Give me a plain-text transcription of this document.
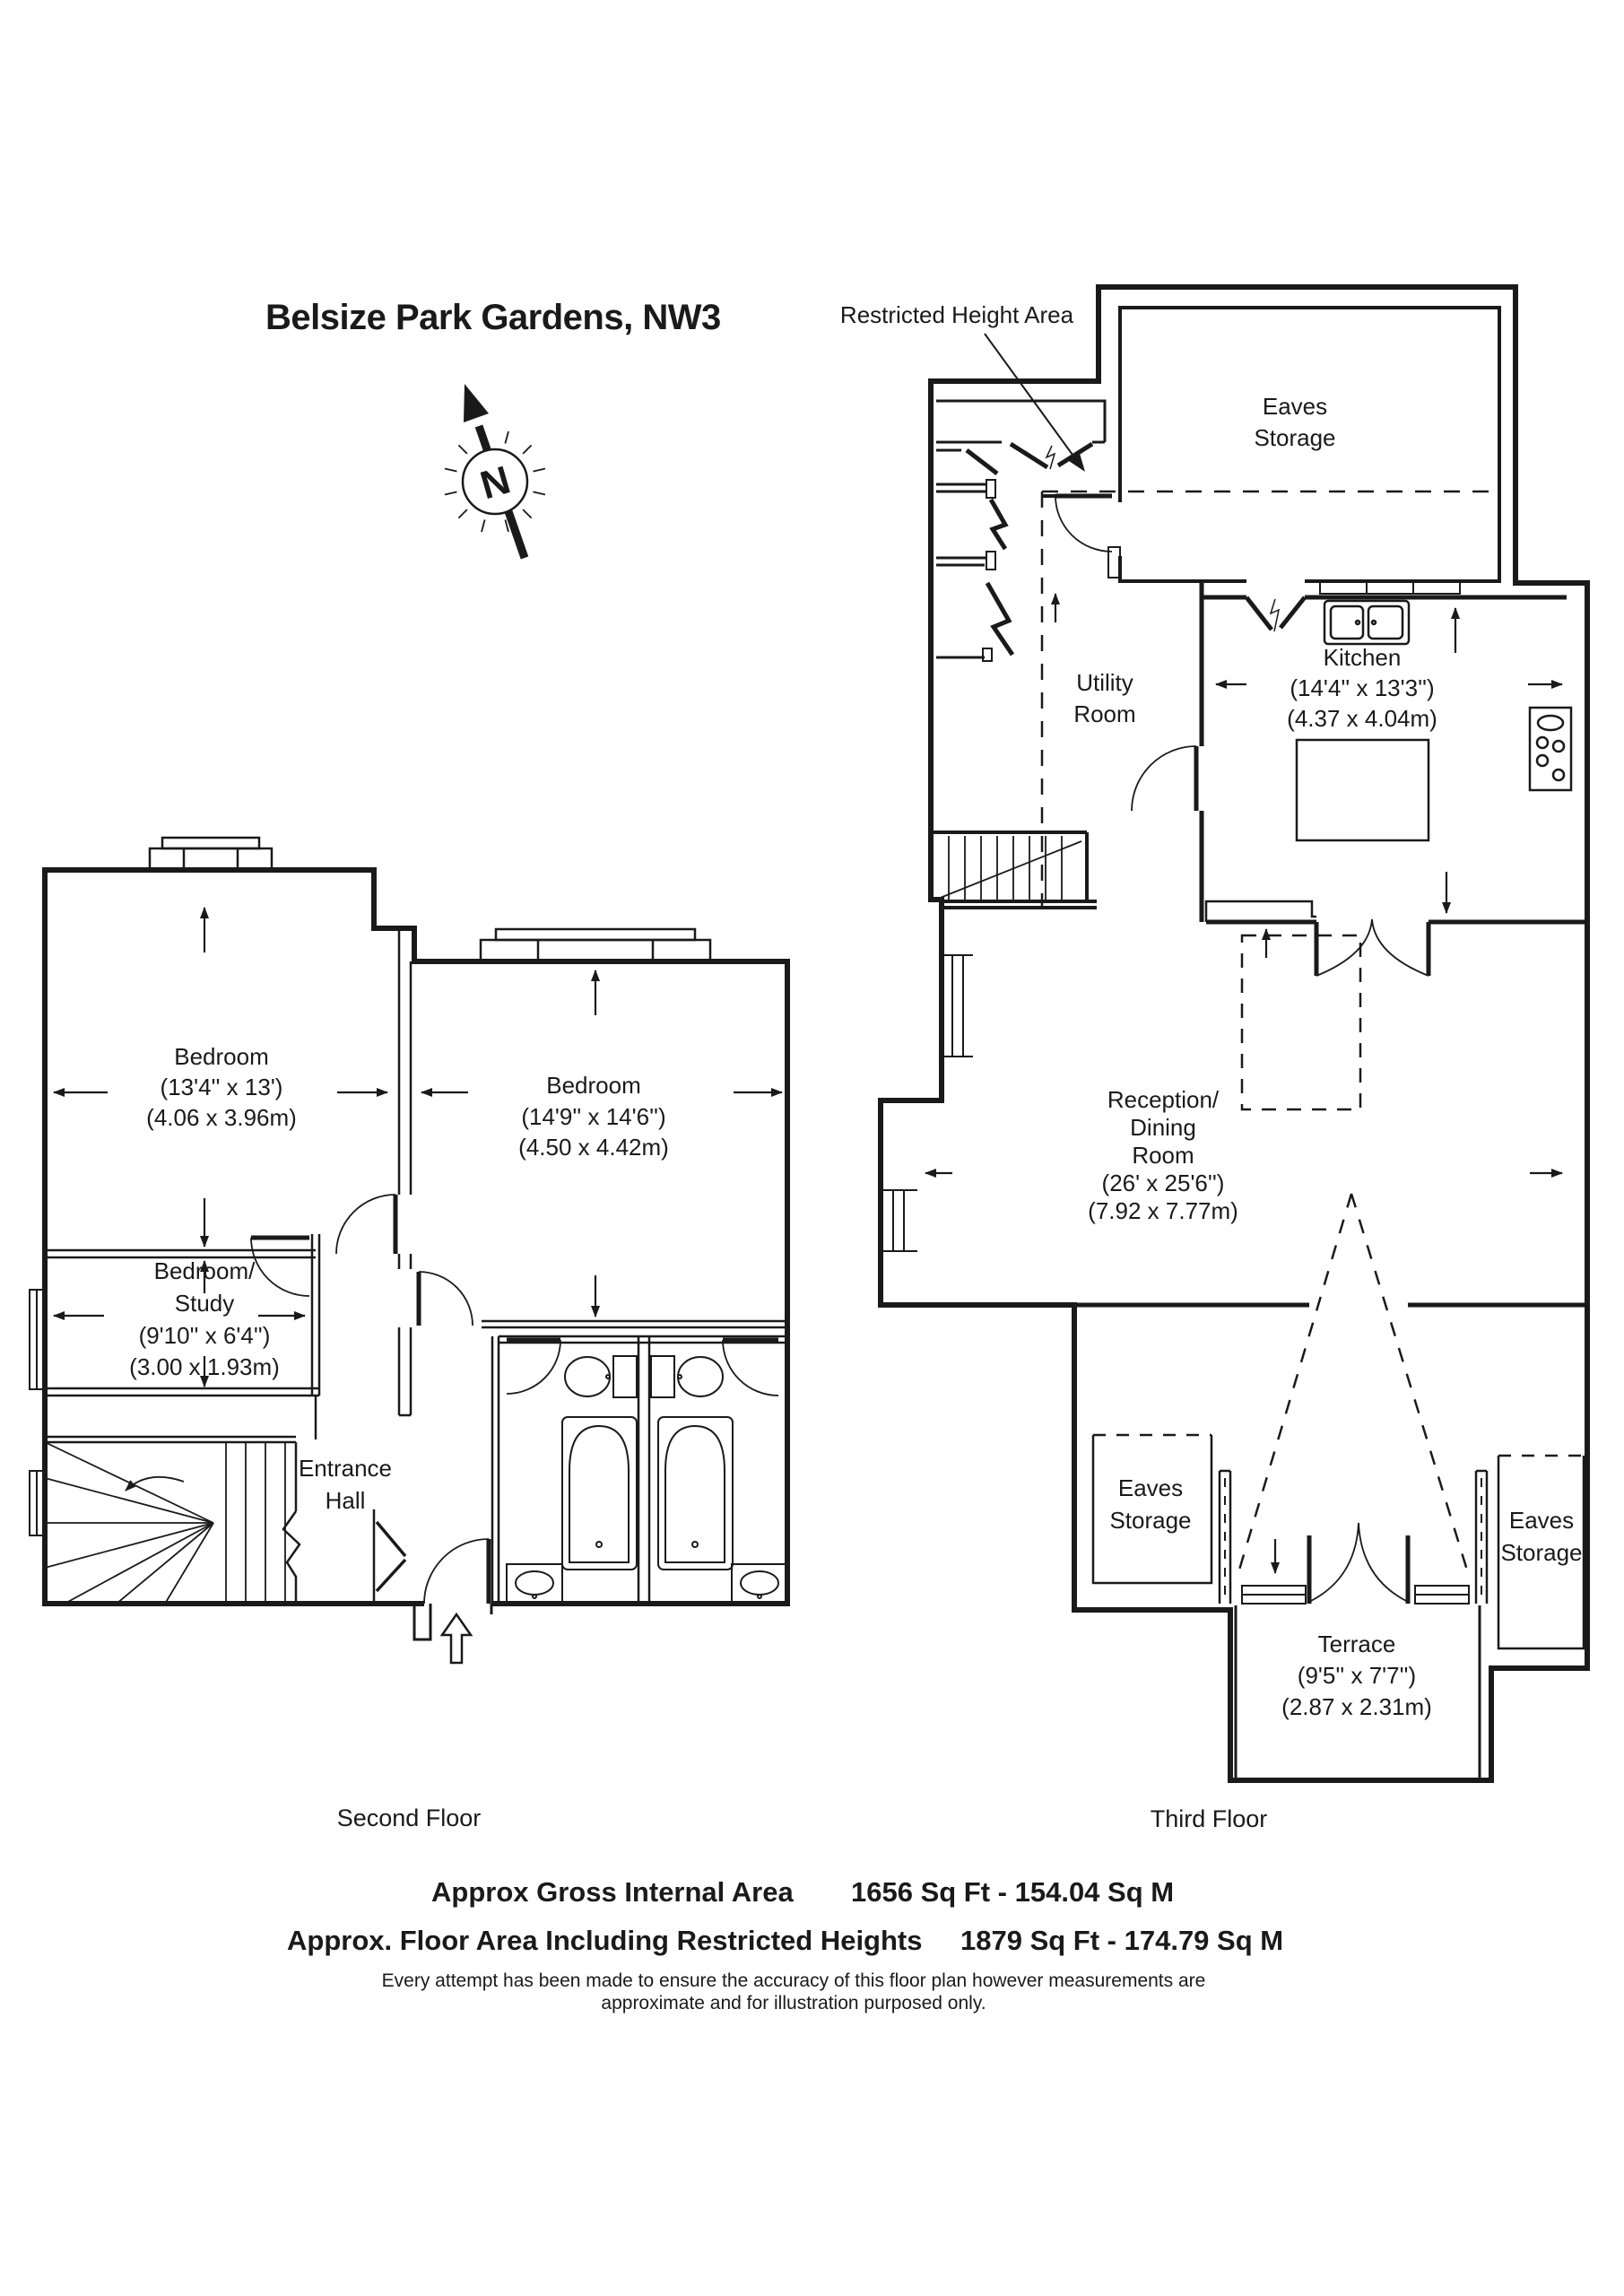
N
Belsize Park Gardens, NW3	Restricted Height Area
Bedroom
(13'4'' x 13')
(4.06 x 3.96m)
Bedroom
(14'9'' x 14'6'')
(4.50 x 4.42m)
Bedroom/
Study
(9'10'' x 6'4'')
(3.00 x 1.93m)
Entrance
Hall
Eaves
Storage
Utility
Room
Kitchen
(14'4'' x 13'3'')
(4.37 x 4.04m)
Reception/
Dining
Room
(26' x 25'6'')
(7.92 x 7.77m)
Eaves
Storage	Eaves
Storage
Terrace
(9'5'' x 7'7'')
(2.87 x 2.31m)
Second Floor	Third Floor
Approx Gross Internal Area 1656 Sq Ft - 154.04 Sq M
Approx. Floor Area Including Restricted Heights 1879 Sq Ft - 174.79 Sq M
Every attempt has been made to ensure the accuracy of this floor plan however measurements are
approximate and for illustration purposed only.
